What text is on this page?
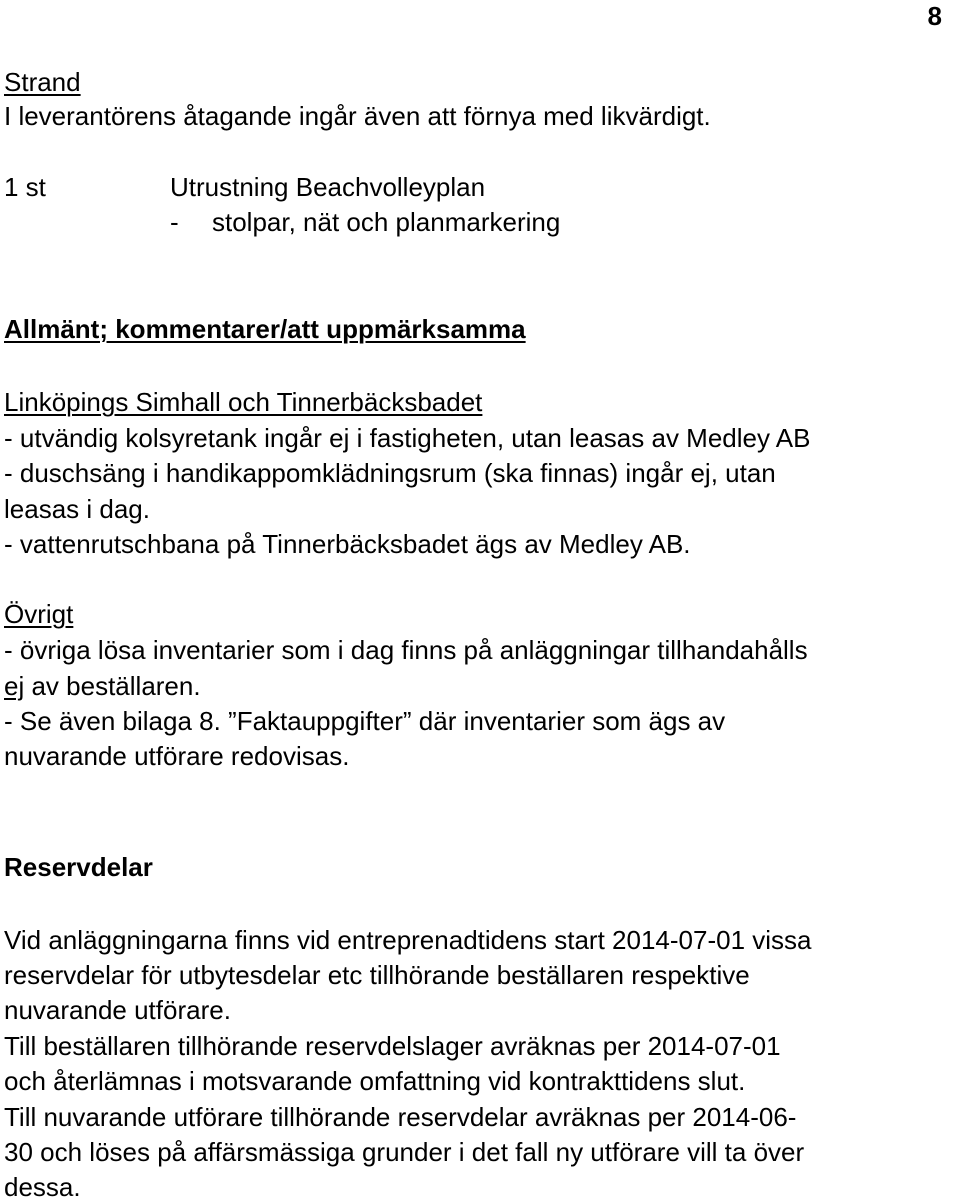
8
Strand
I leverantörens åtagande ingår även att förnya med likvärdigt.
1 st	Utrustning Beachvolleyplan
- stolpar, nät och planmarkering
Allmänt; kommentarer/att uppmärksamma
Linköpings Simhall och Tinnerbäcksbadet
- utvändig kolsyretank ingår ej i fastigheten, utan leasas av Medley AB
- duschsäng i handikappomklädningsrum (ska finnas) ingår ej, utan
leasas i dag.
- vattenrutschbana på Tinnerbäcksbadet ägs av Medley AB.
Övrigt
- övriga lösa inventarier som i dag finns på anläggningar tillhandahålls
ej av beställaren.
- Se även bilaga 8. ”Faktauppgifter” där inventarier som ägs av
nuvarande utförare redovisas.
Reservdelar
Vid anläggningarna finns vid entreprenadtidens start 2014-07-01 vissa
reservdelar för utbytesdelar etc tillhörande beställaren respektive
nuvarande utförare.
Till beställaren tillhörande reservdelslager avräknas per 2014-07-01
och återlämnas i motsvarande omfattning vid kontrakttidens slut.
Till nuvarande utförare tillhörande reservdelar avräknas per 2014-06-
30 och löses på affärsmässiga grunder i det fall ny utförare vill ta över
dessa.
